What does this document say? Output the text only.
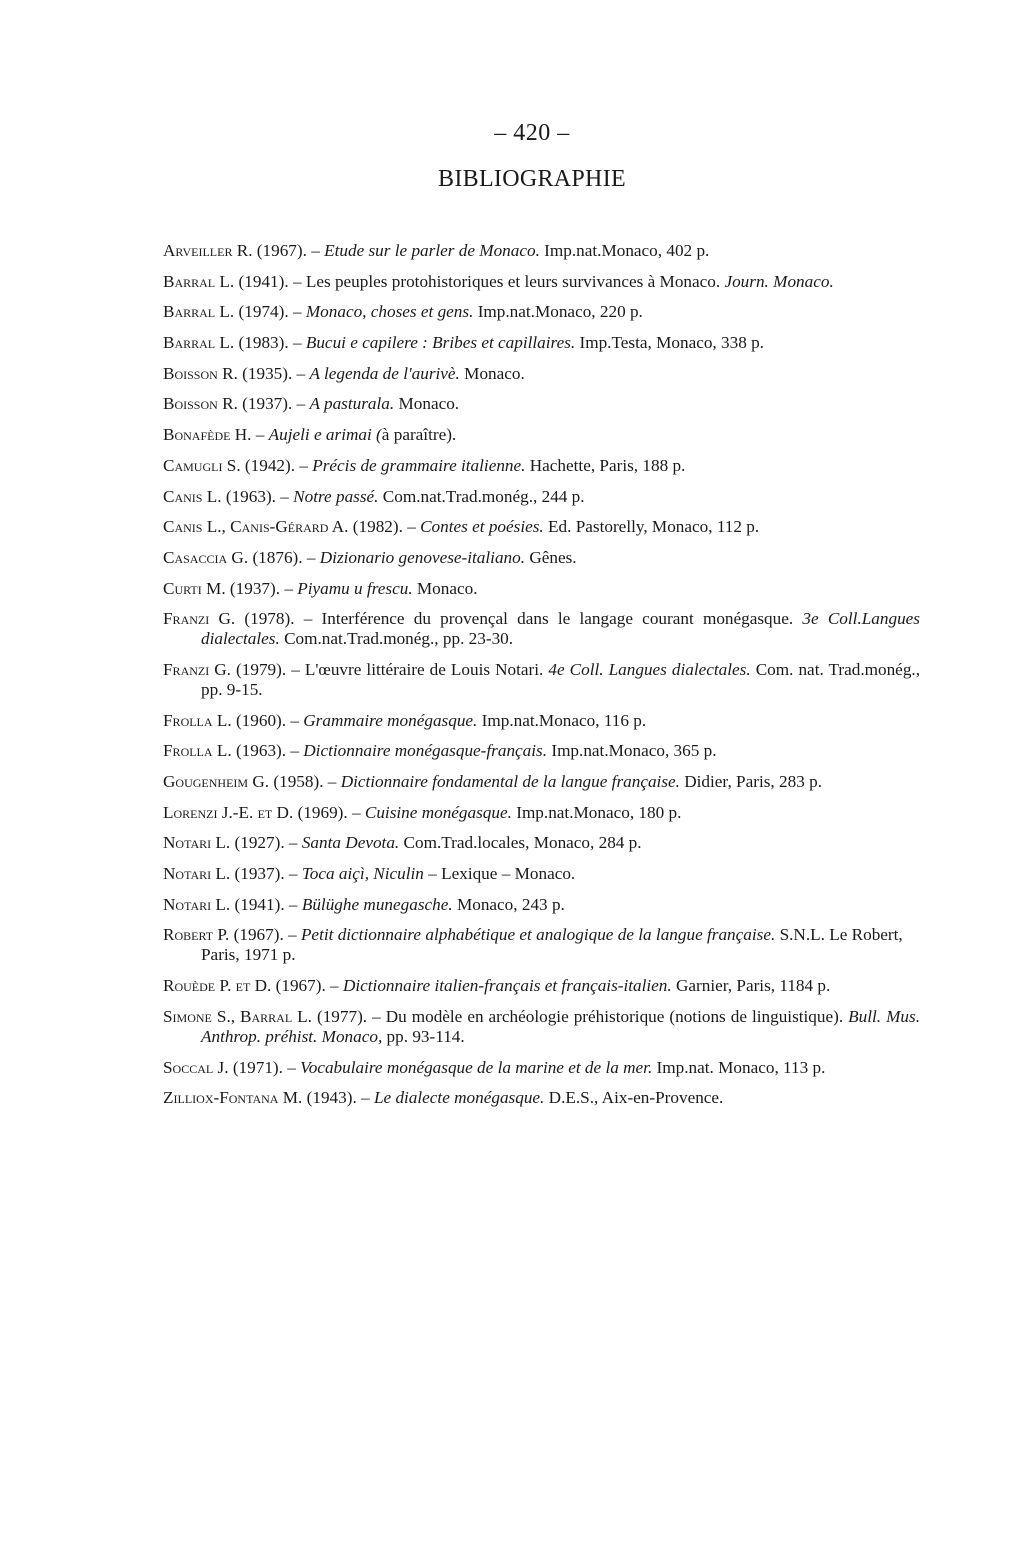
– 420 –
BIBLIOGRAPHIE
Arveiller R. (1967). – Etude sur le parler de Monaco. Imp.nat.Monaco, 402 p.
Barral L. (1941). – Les peuples protohistoriques et leurs survivances à Monaco. Journ. Monaco.
Barral L. (1974). – Monaco, choses et gens. Imp.nat.Monaco, 220 p.
Barral L. (1983). – Bucui e capilere : Bribes et capillaires. Imp.Testa, Monaco, 338 p.
Boisson R. (1935). – A legenda de l'aurivè. Monaco.
Boisson R. (1937). – A pasturala. Monaco.
Bonafède H. – Aujeli e arimai (à paraître).
Camugli S. (1942). – Précis de grammaire italienne. Hachette, Paris, 188 p.
Canis L. (1963). – Notre passé. Com.nat.Trad.monég., 244 p.
Canis L., Canis-Gérard A. (1982). – Contes et poésies. Ed. Pastorelly, Monaco, 112 p.
Casaccia G. (1876). – Dizionario genovese-italiano. Gênes.
Curti M. (1937). – Piyamu u frescu. Monaco.
Franzi G. (1978). – Interférence du provençal dans le langage courant monégasque. 3e Coll.Langues dialectales. Com.nat.Trad.monég., pp. 23-30.
Franzi G. (1979). – L'œuvre littéraire de Louis Notari. 4e Coll. Langues dialectales. Com. nat. Trad.monég., pp. 9-15.
Frolla L. (1960). – Grammaire monégasque. Imp.nat.Monaco, 116 p.
Frolla L. (1963). – Dictionnaire monégasque-français. Imp.nat.Monaco, 365 p.
Gougenheim G. (1958). – Dictionnaire fondamental de la langue française. Didier, Paris, 283 p.
Lorenzi J.-E. et D. (1969). – Cuisine monégasque. Imp.nat.Monaco, 180 p.
Notari L. (1927). – Santa Devota. Com.Trad.locales, Monaco, 284 p.
Notari L. (1937). – Toca aiçì, Niculin – Lexique – Monaco.
Notari L. (1941). – Bülüghe munegasche. Monaco, 243 p.
Robert P. (1967). – Petit dictionnaire alphabétique et analogique de la langue française. S.N.L. Le Robert, Paris, 1971 p.
Rouède P. et D. (1967). – Dictionnaire italien-français et français-italien. Garnier, Paris, 1184 p.
Simone S., Barral L. (1977). – Du modèle en archéologie préhistorique (notions de linguistique). Bull. Mus. Anthrop. préhist. Monaco, pp. 93-114.
Soccal J. (1971). – Vocabulaire monégasque de la marine et de la mer. Imp.nat. Monaco, 113 p.
Zilliox-Fontana M. (1943). – Le dialecte monégasque. D.E.S., Aix-en-Provence.
